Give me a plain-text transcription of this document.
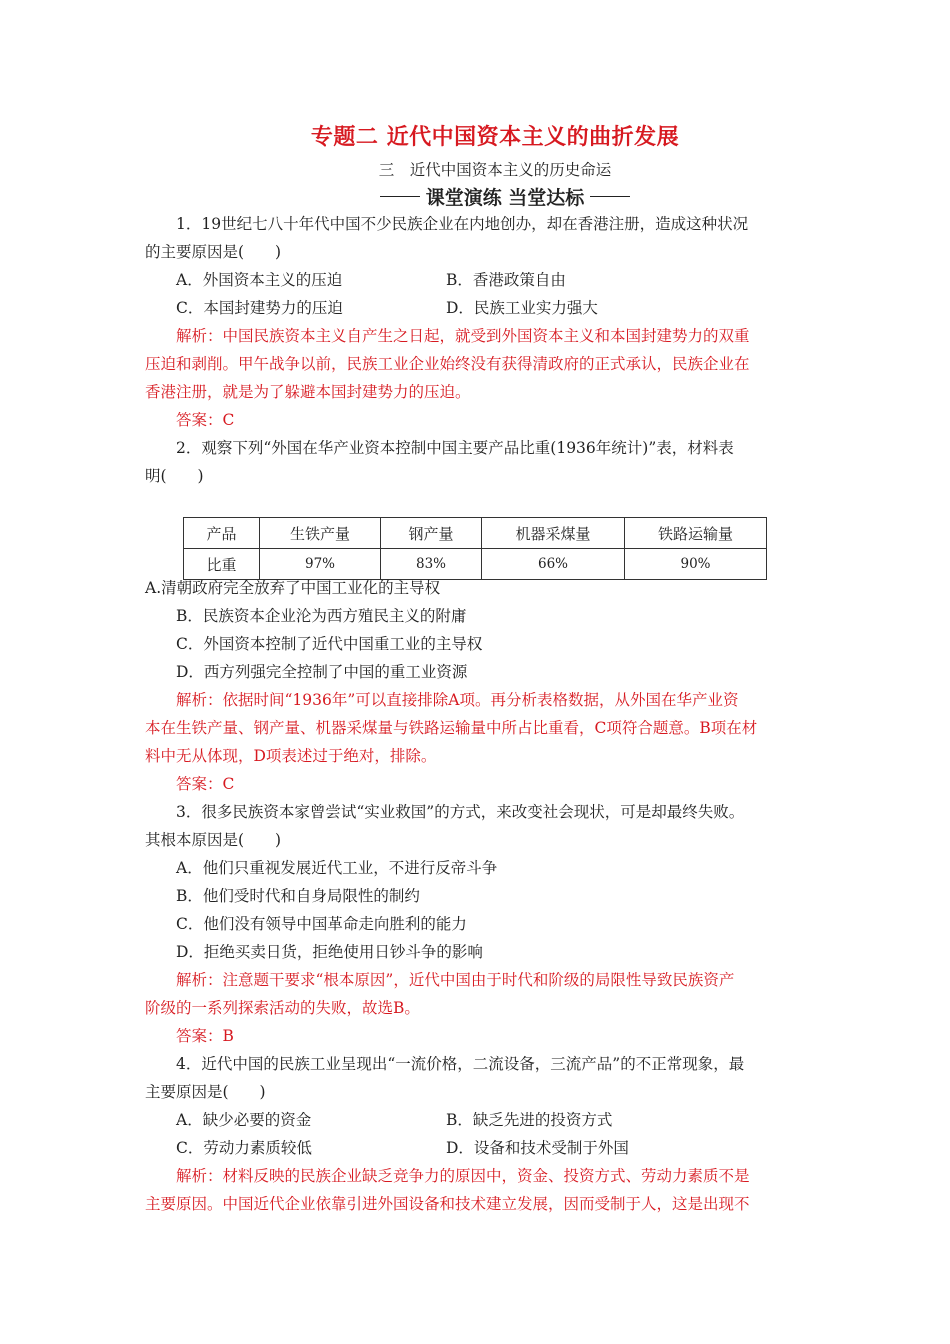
专题二 近代中国资本主义的曲折发展
三　近代中国资本主义的历史命运
课堂演练 当堂达标
1．19世纪七八十年代中国不少民族企业在内地创办，却在香港注册，造成这种状况
的主要原因是(　　)
A．外国资本主义的压迫	B．香港政策自由
C．本国封建势力的压迫	D．民族工业实力强大
解析：中国民族资本主义自产生之日起，就受到外国资本主义和本国封建势力的双重
压迫和剥削。甲午战争以前，民族工业企业始终没有获得清政府的正式承认，民族企业在
香港注册，就是为了躲避本国封建势力的压迫。
答案：C
2．观察下列“外国在华产业资本控制中国主要产品比重(1936年统计)”表，材料表
明(　　)
产品	生铁产量	钢产量	机器采煤量	铁路运输量
比重	97%	83%	66%	90%
A.清朝政府完全放弃了中国工业化的主导权
B．民族资本企业沦为西方殖民主义的附庸
C．外国资本控制了近代中国重工业的主导权
D．西方列强完全控制了中国的重工业资源
解析：依据时间“1936年”可以直接排除A项。再分析表格数据，从外国在华产业资
本在生铁产量、钢产量、机器采煤量与铁路运输量中所占比重看，C项符合题意。B项在材
料中无从体现，D项表述过于绝对，排除。
答案：C
3．很多民族资本家曾尝试“实业救国”的方式，来改变社会现状，可是却最终失败。
其根本原因是(　　)
A．他们只重视发展近代工业，不进行反帝斗争
B．他们受时代和自身局限性的制约
C．他们没有领导中国革命走向胜利的能力
D．拒绝买卖日货，拒绝使用日钞斗争的影响
解析：注意题干要求“根本原因”，近代中国由于时代和阶级的局限性导致民族资产
阶级的一系列探索活动的失败，故选B。
答案：B
4．近代中国的民族工业呈现出“一流价格，二流设备，三流产品”的不正常现象，最
主要原因是(　　)
A．缺少必要的资金	B．缺乏先进的投资方式
C．劳动力素质较低	D．设备和技术受制于外国
解析：材料反映的民族企业缺乏竞争力的原因中，资金、投资方式、劳动力素质不是
主要原因。中国近代企业依靠引进外国设备和技术建立发展，因而受制于人，这是出现不
